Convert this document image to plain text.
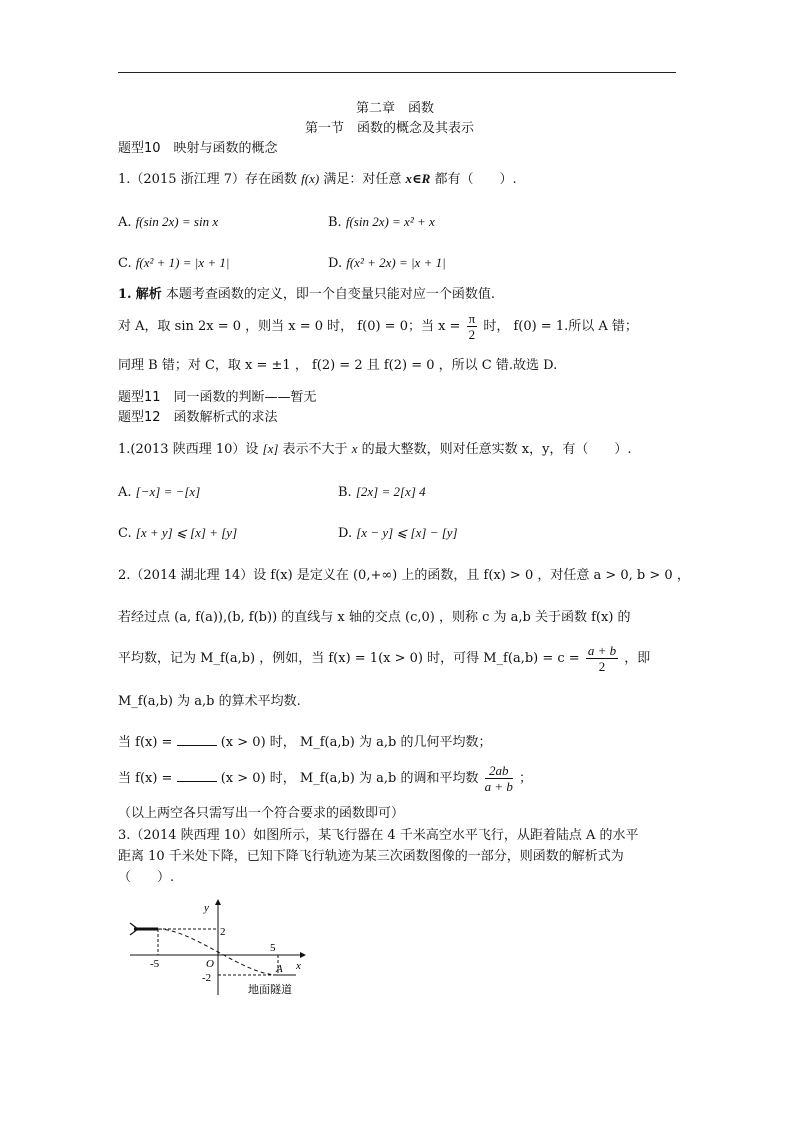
第二章　函数
第一节　函数的概念及其表示
题型10　映射与函数的概念
1.（2015 浙江理 7）存在函数 f(x) 满足：对任意 x∈R 都有（　　）.
A. f(sin 2x) = sin x	B. f(sin 2x) = x² + x
C. f(x² + 1) = |x + 1|	D. f(x² + 2x) = |x + 1|
1. 解析 本题考查函数的定义，即一个自变量只能对应一个函数值.
对 A，取 sin 2x = 0 ，则当 x = 0 时， f(0) = 0；当 $x = \frac{\pi}{2}$ 时， f(0) = 1.所以 A 错；
同理 B 错；对 C，取 x = ±1 ， f(2) = 2 且 f(2) = 0 ，所以 C 错.故选 D.
题型11　同一函数的判断——暂无
题型12　函数解析式的求法
1.(2013 陕西理 10）设 [x] 表示不大于 x 的最大整数，则对任意实数 x，y，有（　　）.
A. [−x] = −[x]	B. [2x] = 2[x] 4
C. [x + y] ⩽ [x] + [y]	D. [x − y] ⩽ [x] − [y]
2.（2014 湖北理 14）设 f(x) 是定义在 (0,+∞) 上的函数，且 f(x) > 0 ，对任意 a > 0, b > 0 ，
若经过点 (a, f(a)),(b, f(b)) 的直线与 x 轴的交点 (c,0) ，则称 c 为 a,b 关于函数 f(x) 的
平均数，记为 M_f(a,b) ，例如，当 f(x) = 1(x > 0) 时，可得 M_f(a,b) = $c = \frac{a + b}{2}$ ，即
M_f(a,b) 为 a,b 的算术平均数.
当 f(x) =	(x > 0) 时， M_f(a,b) 为 a,b 的几何平均数；
当 f(x) =	(x > 0) 时， M_f(a,b) 为 a,b 的调和平均数 $\frac{2ab}{a + b}$ ；
（以上两空各只需写出一个符合要求的函数即可）
3.（2014 陕西理 10）如图所示，某飞行器在 4 千米高空水平飞行，从距着陆点 A 的水平
距离 10 千米处下降，已知下降飞行轨迹为某三次函数图像的一部分，则函数的解析式为
（　　）.
y
x
O
2
-2
-5
5
A
地面隧道
